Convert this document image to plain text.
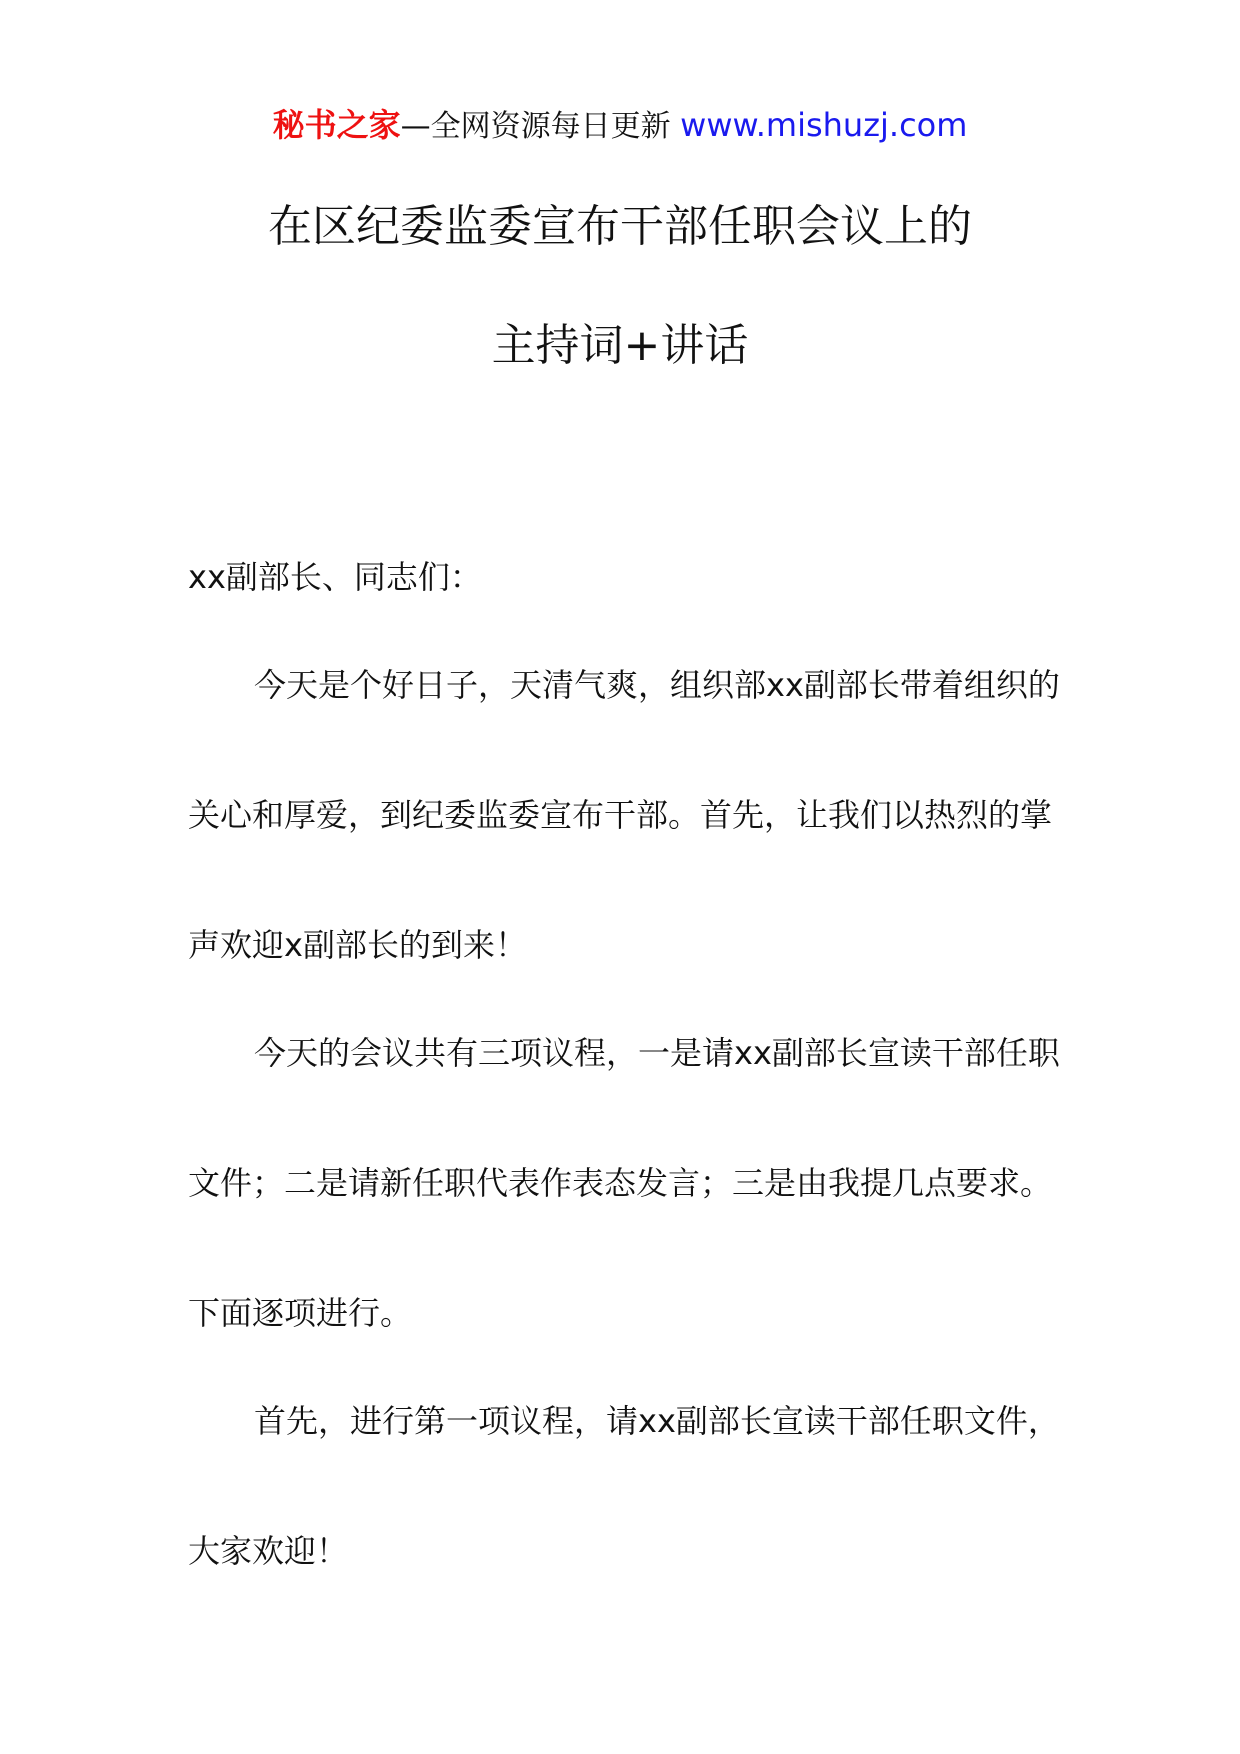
秘书之家—全网资源每日更新 www.mishuzj.com
在区纪委监委宣布干部任职会议上的
主持词+讲话

xx副部长、同志们：

今天是个好日子，天清气爽，组织部xx副部长带着组织的关心和厚爱，到纪委监委宣布干部。首先，让我们以热烈的掌声欢迎x副部长的到来！

今天的会议共有三项议程，一是请xx副部长宣读干部任职文件；二是请新任职代表作表态发言；三是由我提几点要求。下面逐项进行。

首先，进行第一项议程，请xx副部长宣读干部任职文件，大家欢迎！
